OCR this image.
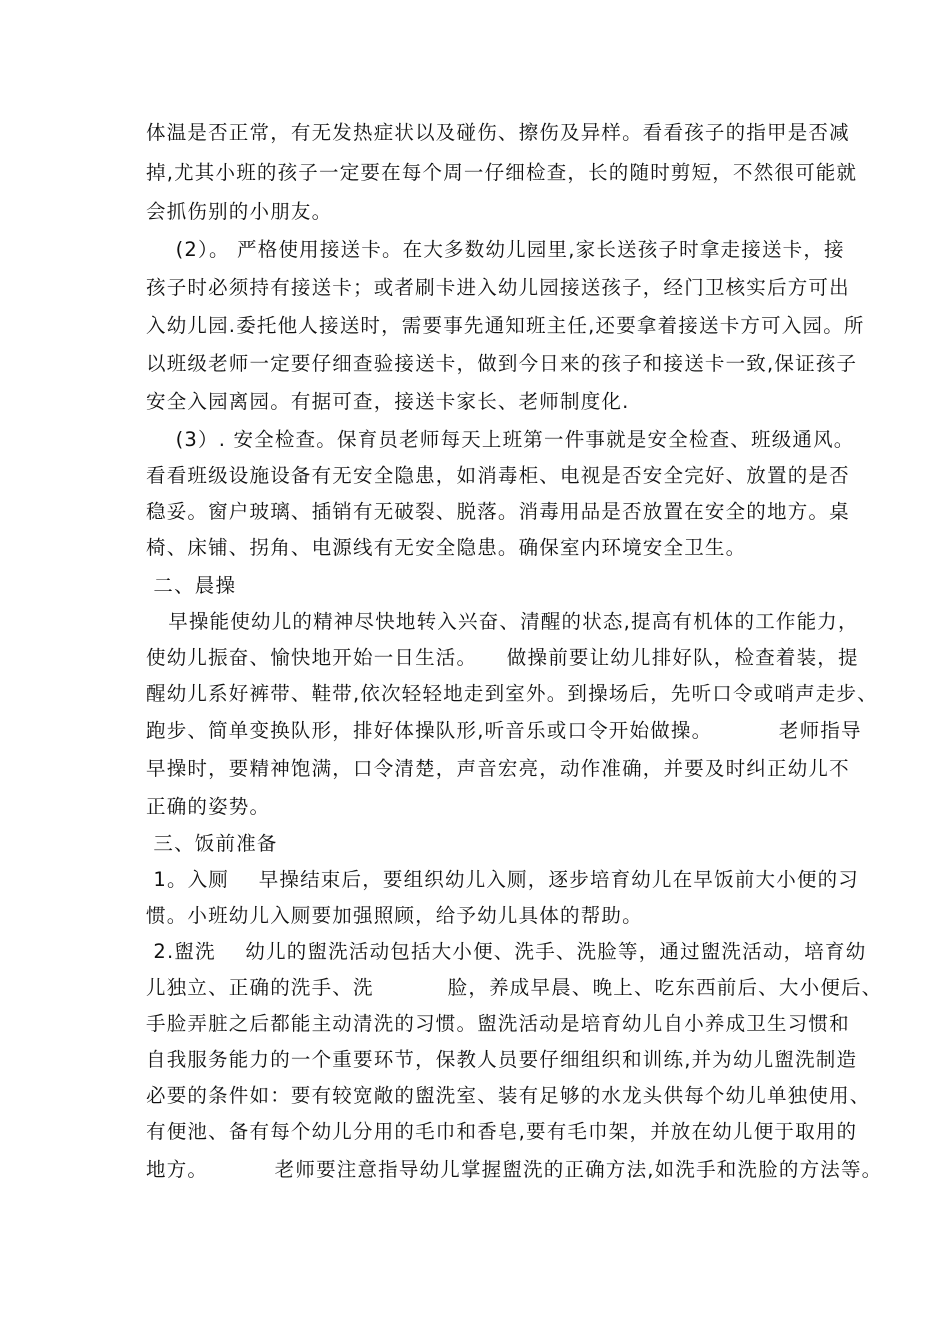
体温是否正常，有无发热症状以及碰伤、擦伤及异样。看看孩子的指甲是否减
掉,尤其小班的孩子一定要在每个周一仔细检查，长的随时剪短，不然很可能就
会抓伤别的小朋友。
(2）。 严格使用接送卡。在大多数幼儿园里,家长送孩子时拿走接送卡，接
孩子时必须持有接送卡；或者刷卡进入幼儿园接送孩子，经门卫核实后方可出
入幼儿园.委托他人接送时，需要事先通知班主任,还要拿着接送卡方可入园。所
以班级老师一定要仔细查验接送卡，做到今日来的孩子和接送卡一致,保证孩子
安全入园离园。有据可查，接送卡家长、老师制度化.
(3）. 安全检查。保育员老师每天上班第一件事就是安全检查、班级通风。
看看班级设施设备有无安全隐患，如消毒柜、电视是否安全完好、放置的是否
稳妥。窗户玻璃、插销有无破裂、脱落。消毒用品是否放置在安全的地方。桌
椅、床铺、拐角、电源线有无安全隐患。确保室内环境安全卫生。
二、晨操
早操能使幼儿的精神尽快地转入兴奋、清醒的状态,提高有机体的工作能力，
使幼儿振奋、愉快地开始一日生活。    做操前要让幼儿排好队，检查着装，提
醒幼儿系好裤带、鞋带,依次轻轻地走到室外。到操场后，先听口令或哨声走步、
跑步、简单变换队形，排好体操队形,听音乐或口令开始做操。         老师指导
早操时，要精神饱满，口令清楚，声音宏亮，动作准确，并要及时纠正幼儿不
正确的姿势。
三、饭前准备
1。入厕    早操结束后，要组织幼儿入厕，逐步培育幼儿在早饭前大小便的习
惯。小班幼儿入厕要加强照顾，给予幼儿具体的帮助。
2.盥洗    幼儿的盥洗活动包括大小便、洗手、洗脸等，通过盥洗活动，培育幼
儿独立、正确的洗手、洗          脸，养成早晨、晚上、吃东西前后、大小便后、
手脸弄脏之后都能主动清洗的习惯。盥洗活动是培育幼儿自小养成卫生习惯和
自我服务能力的一个重要环节，保教人员要仔细组织和训练,并为幼儿盥洗制造
必要的条件如：要有较宽敞的盥洗室、装有足够的水龙头供每个幼儿单独使用、
有便池、备有每个幼儿分用的毛巾和香皂,要有毛巾架，并放在幼儿便于取用的
地方。         老师要注意指导幼儿掌握盥洗的正确方法,如洗手和洗脸的方法等。
